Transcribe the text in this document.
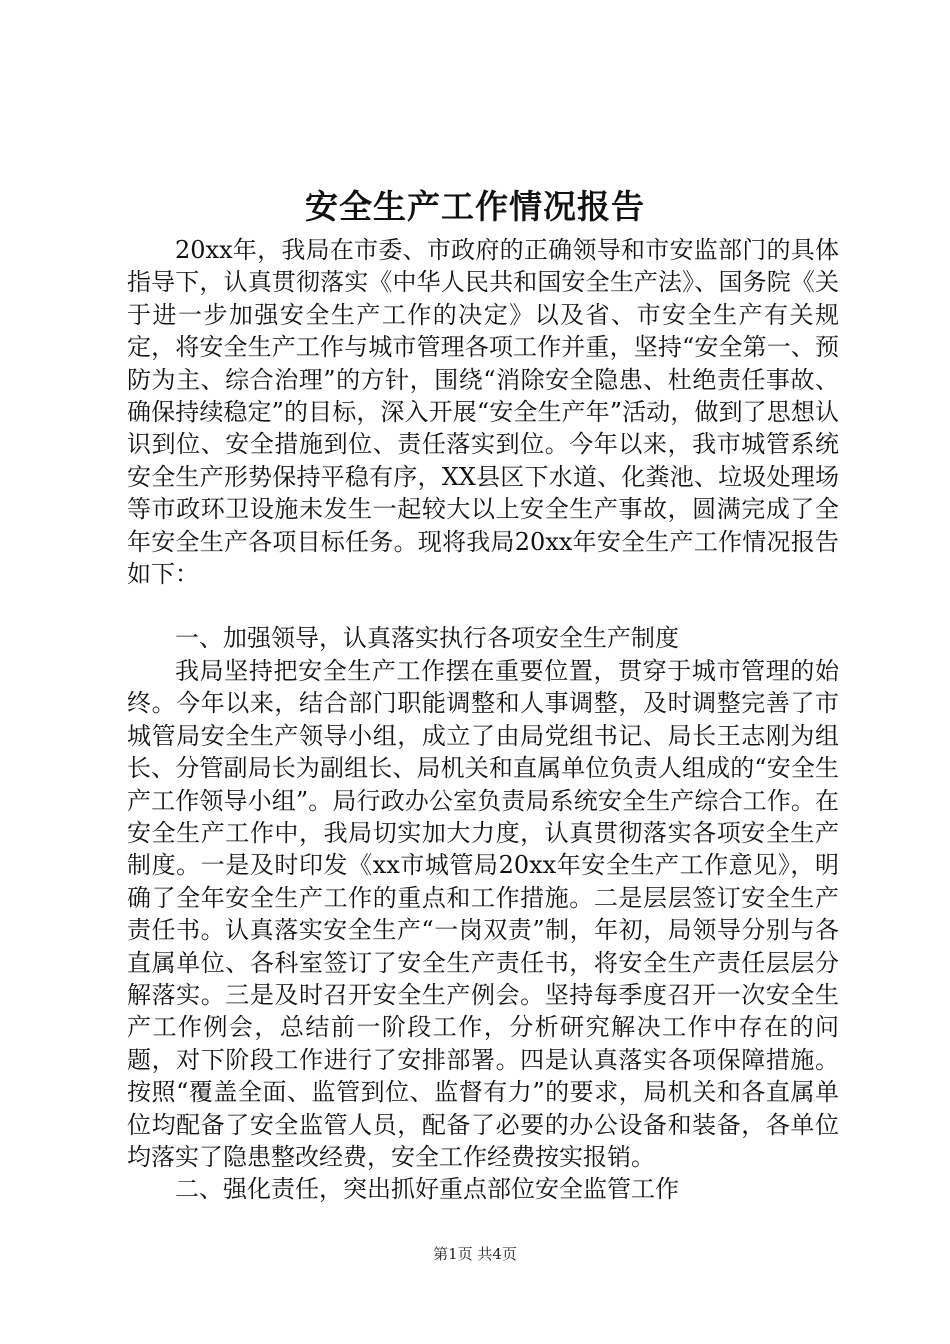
安全生产工作情况报告

20xx年，我局在市委、市政府的正确领导和市安监部门的具体指导下，认真贯彻落实《中华人民共和国安全生产法》、国务院《关于进一步加强安全生产工作的决定》以及省、市安全生产有关规定，将安全生产工作与城市管理各项工作并重，坚持“安全第一、预防为主、综合治理”的方针，围绕“消除安全隐患、杜绝责任事故、确保持续稳定”的目标，深入开展“安全生产年”活动，做到了思想认识到位、安全措施到位、责任落实到位。今年以来，我市城管系统安全生产形势保持平稳有序，XX县区下水道、化粪池、垃圾处理场等市政环卫设施未发生一起较大以上安全生产事故，圆满完成了全年安全生产各项目标任务。现将我局20xx年安全生产工作情况报告如下：

一、加强领导，认真落实执行各项安全生产制度

我局坚持把安全生产工作摆在重要位置，贯穿于城市管理的始终。今年以来，结合部门职能调整和人事调整，及时调整完善了市城管局安全生产领导小组，成立了由局党组书记、局长王志刚为组长、分管副局长为副组长、局机关和直属单位负责人组成的“安全生产工作领导小组”。局行政办公室负责局系统安全生产综合工作。在安全生产工作中，我局切实加大力度，认真贯彻落实各项安全生产制度。一是及时印发《xx市城管局20xx年安全生产工作意见》，明确了全年安全生产工作的重点和工作措施。二是层层签订安全生产责任书。认真落实安全生产“一岗双责”制，年初，局领导分别与各直属单位、各科室签订了安全生产责任书，将安全生产责任层层分解落实。三是及时召开安全生产例会。坚持每季度召开一次安全生产工作例会，总结前一阶段工作，分析研究解决工作中存在的问题，对下阶段工作进行了安排部署。四是认真落实各项保障措施。按照“覆盖全面、监管到位、监督有力”的要求，局机关和各直属单位均配备了安全监管人员，配备了必要的办公设备和装备，各单位均落实了隐患整改经费，安全工作经费按实报销。

二、强化责任，突出抓好重点部位安全监管工作

第1页 共4页
